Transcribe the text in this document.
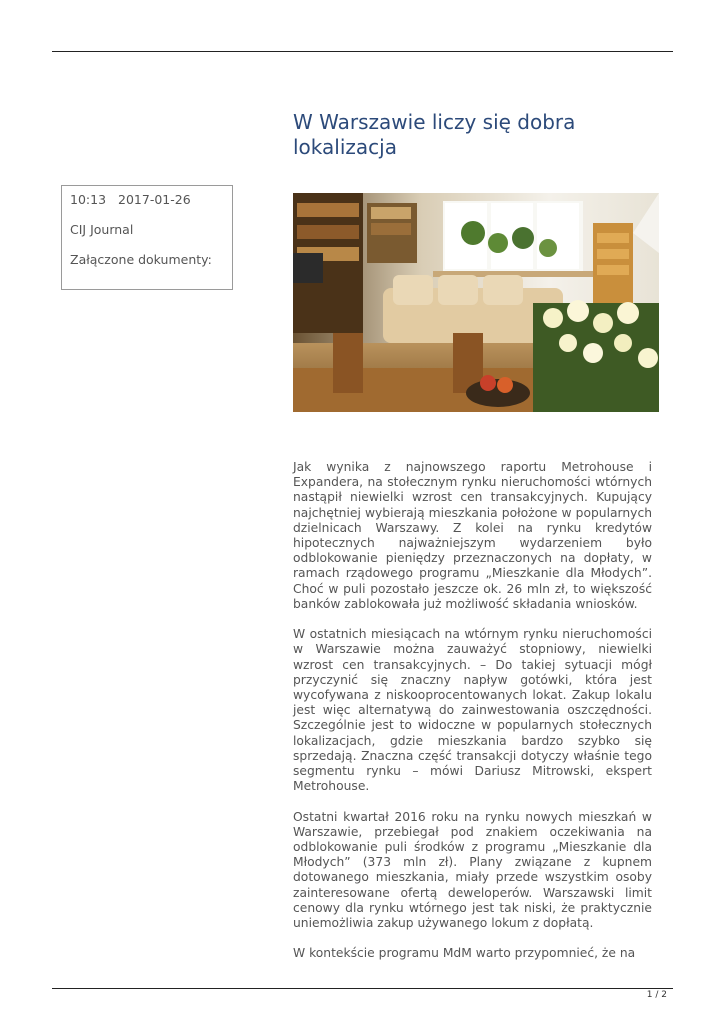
W Warszawie liczy się dobra lokalizacja

10:13 2017-01-26

CIJ Journal

Załączone dokumenty:

Jak wynika z najnowszego raportu Metrohouse i Expandera, na stołecznym rynku nieruchomości wtórnych nastąpił niewielki wzrost cen transakcyjnych. Kupujący najchętniej wybierają mieszkania położone w popularnych dzielnicach Warszawy. Z kolei na rynku kredytów hipotecznych najważniejszym wydarzeniem było odblokowanie pieniędzy przeznaczonych na dopłaty, w ramach rządowego programu „Mieszkanie dla Młodych”. Choć w puli pozostało jeszcze ok. 26 mln zł, to większość banków zablokowała już możliwość składania wniosków.

W ostatnich miesiącach na wtórnym rynku nieruchomości w Warszawie można zauważyć stopniowy, niewielki wzrost cen transakcyjnych. – Do takiej sytuacji mógł przyczynić się znaczny napływ gotówki, która jest wycofywana z niskooprocentowanych lokat. Zakup lokalu jest więc alternatywą do zainwestowania oszczędności. Szczególnie jest to widoczne w popularnych stołecznych lokalizacjach, gdzie mieszkania bardzo szybko się sprzedają. Znaczna część transakcji dotyczy właśnie tego segmentu rynku – mówi Dariusz Mitrowski, ekspert Metrohouse.

Ostatni kwartał 2016 roku na rynku nowych mieszkań w Warszawie, przebiegał pod znakiem oczekiwania na odblokowanie puli środków z programu „Mieszkanie dla Młodych” (373 mln zł). Plany związane z kupnem dotowanego mieszkania, miały przede wszystkim osoby zainteresowane ofertą deweloperów. Warszawski limit cenowy dla rynku wtórnego jest tak niski, że praktycznie uniemożliwia zakup używanego lokum z dopłatą.

W kontekście programu MdM warto przypomnieć, że na

1 / 2
